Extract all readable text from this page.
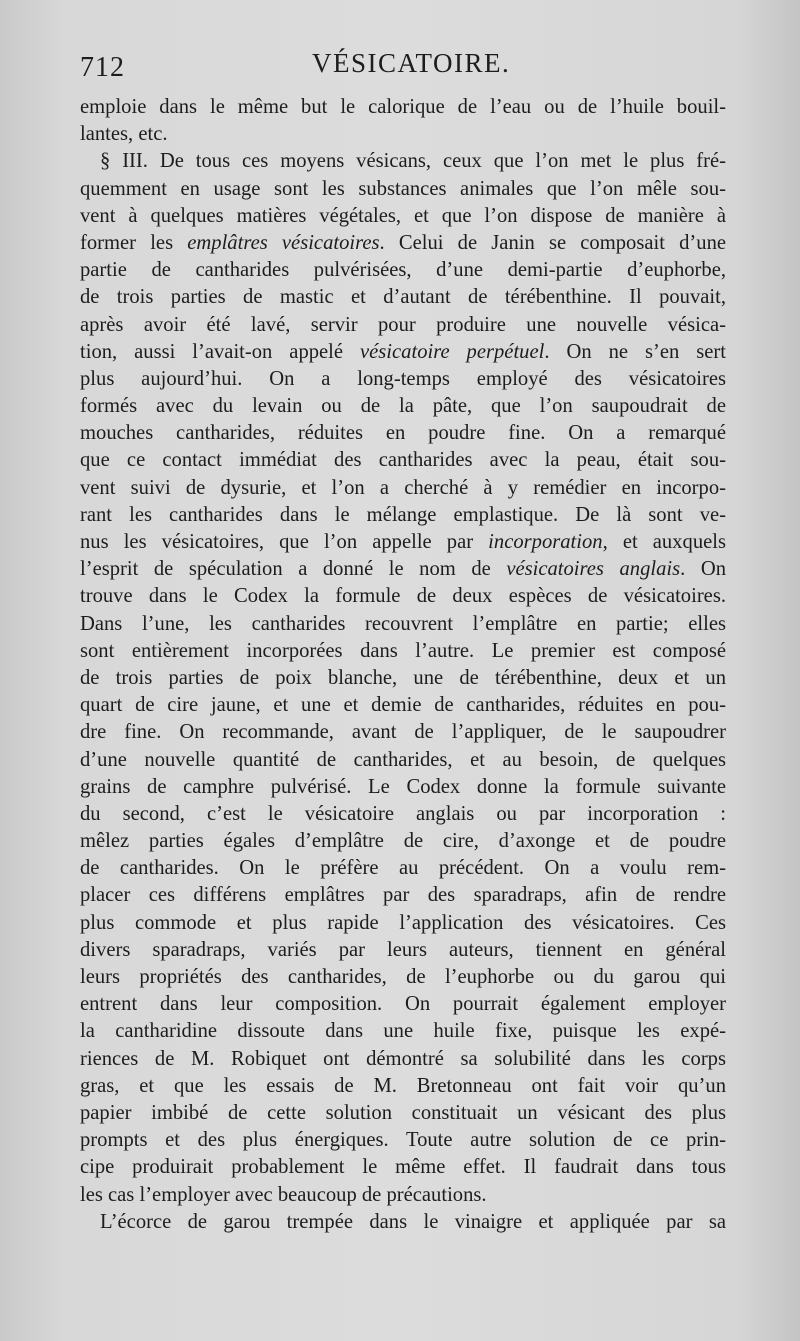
712	VÉSICATOIRE.
emploie dans le même but le calorique de l’eau ou de l’huile bouil-
lantes, etc.
§ III. De tous ces moyens vésicans, ceux que l’on met le plus fré-
quemment en usage sont les substances animales que l’on mêle sou-
vent à quelques matières végétales, et que l’on dispose de manière à
former les emplâtres vésicatoires. Celui de Janin se composait d’une
partie de cantharides pulvérisées, d’une demi-partie d’euphorbe,
de trois parties de mastic et d’autant de térébenthine. Il pouvait,
après avoir été lavé, servir pour produire une nouvelle vésica-
tion, aussi l’avait-on appelé vésicatoire perpétuel. On ne s’en sert
plus aujourd’hui. On a long-temps employé des vésicatoires
formés avec du levain ou de la pâte, que l’on saupoudrait de
mouches cantharides, réduites en poudre fine. On a remarqué
que ce contact immédiat des cantharides avec la peau, était sou-
vent suivi de dysurie, et l’on a cherché à y remédier en incorpo-
rant les cantharides dans le mélange emplastique. De là sont ve-
nus les vésicatoires, que l’on appelle par incorporation, et auxquels
l’esprit de spéculation a donné le nom de vésicatoires anglais. On
trouve dans le Codex la formule de deux espèces de vésicatoires.
Dans l’une, les cantharides recouvrent l’emplâtre en partie; elles
sont entièrement incorporées dans l’autre. Le premier est composé
de trois parties de poix blanche, une de térébenthine, deux et un
quart de cire jaune, et une et demie de cantharides, réduites en pou-
dre fine. On recommande, avant de l’appliquer, de le saupoudrer
d’une nouvelle quantité de cantharides, et au besoin, de quelques
grains de camphre pulvérisé. Le Codex donne la formule suivante
du second, c’est le vésicatoire anglais ou par incorporation :
mêlez parties égales d’emplâtre de cire, d’axonge et de poudre
de cantharides. On le préfère au précédent. On a voulu rem-
placer ces différens emplâtres par des sparadraps, afin de rendre
plus commode et plus rapide l’application des vésicatoires. Ces
divers sparadraps, variés par leurs auteurs, tiennent en général
leurs propriétés des cantharides, de l’euphorbe ou du garou qui
entrent dans leur composition. On pourrait également employer
la cantharidine dissoute dans une huile fixe, puisque les expé-
riences de M. Robiquet ont démontré sa solubilité dans les corps
gras, et que les essais de M. Bretonneau ont fait voir qu’un
papier imbibé de cette solution constituait un vésicant des plus
prompts et des plus énergiques. Toute autre solution de ce prin-
cipe produirait probablement le même effet. Il faudrait dans tous
les cas l’employer avec beaucoup de précautions.
L’écorce de garou trempée dans le vinaigre et appliquée par sa
